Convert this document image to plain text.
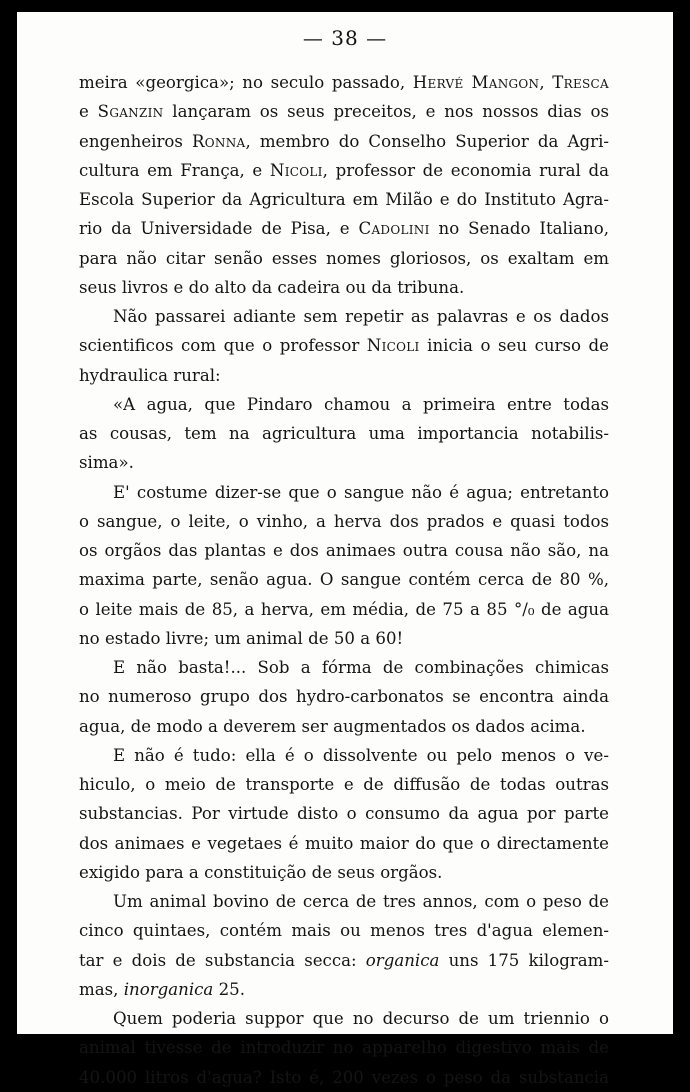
— 38 —
meira «georgica»; no seculo passado, Hervé Mangon, Tresca
e Sganzin lançaram os seus preceitos, e nos nossos dias os
engenheiros Ronna, membro do Conselho Superior da Agri-
cultura em França, e Nicoli, professor de economia rural da
Escola Superior da Agricultura em Milão e do Instituto Agra-
rio da Universidade de Pisa, e Cadolini no Senado Italiano,
para não citar senão esses nomes gloriosos, os exaltam em
seus livros e do alto da cadeira ou da tribuna.
Não passarei adiante sem repetir as palavras e os dados
scientificos com que o professor Nicoli inicia o seu curso de
hydraulica rural:
«A agua, que Pindaro chamou a primeira entre todas
as cousas, tem na agricultura uma importancia notabilis-
sima».
E' costume dizer-se que o sangue não é agua; entretanto
o sangue, o leite, o vinho, a herva dos prados e quasi todos
os orgãos das plantas e dos animaes outra cousa não são, na
maxima parte, senão agua. O sangue contém cerca de 80 %,
o leite mais de 85, a herva, em média, de 75 a 85 °/₀ de agua
no estado livre; um animal de 50 a 60!
E não basta!... Sob a fórma de combinações chimicas
no numeroso grupo dos hydro-carbonatos se encontra ainda
agua, de modo a deverem ser augmentados os dados acima.
E não é tudo: ella é o dissolvente ou pelo menos o ve-
hiculo, o meio de transporte e de diffusão de todas outras
substancias. Por virtude disto o consumo da agua por parte
dos animaes e vegetaes é muito maior do que o directamente
exigido para a constituição de seus orgãos.
Um animal bovino de cerca de tres annos, com o peso de
cinco quintaes, contém mais ou menos tres d'agua elemen-
tar e dois de substancia secca: organica uns 175 kilogram-
mas, inorganica 25.
Quem poderia suppor que no decurso de um triennio o
animal tivesse de introduzir no apparelho digestivo mais de
40.000 litros d'agua? Isto é, 200 vezes o peso da substancia
